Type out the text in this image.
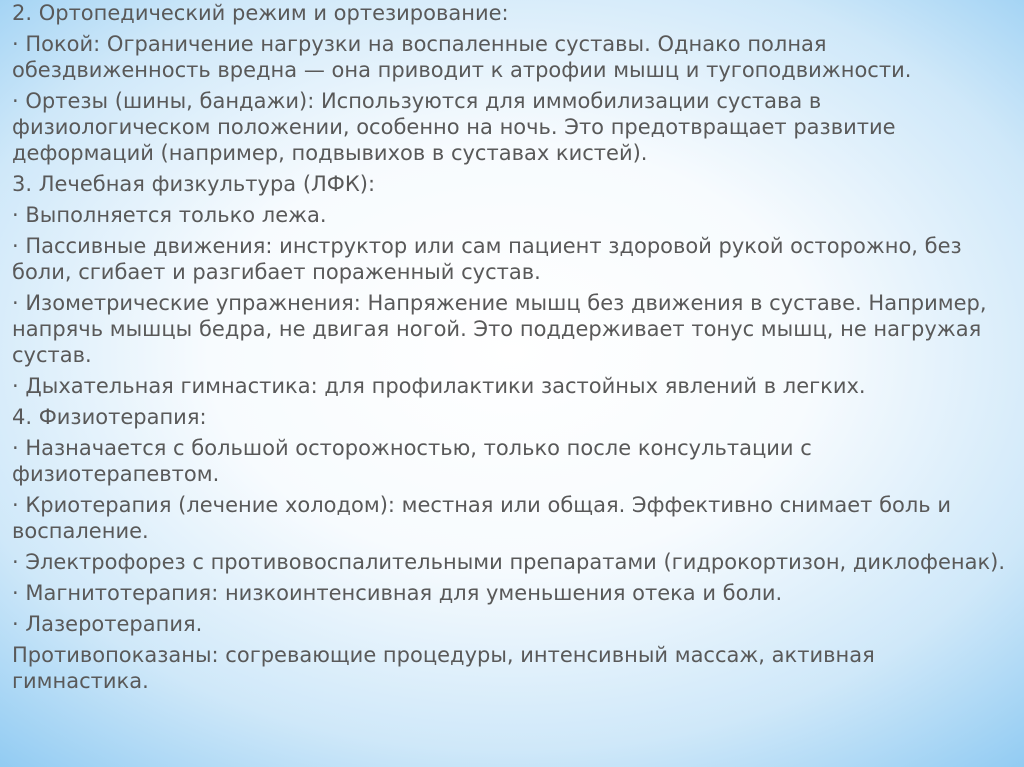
2. Ортопедический режим и ортезирование:

· Покой: Ограничение нагрузки на воспаленные суставы. Однако полная обездвиженность вредна — она приводит к атрофии мышц и тугоподвижности.

· Ортезы (шины, бандажи): Используются для иммобилизации сустава в физиологическом положении, особенно на ночь. Это предотвращает развитие деформаций (например, подвывихов в суставах кистей).

3. Лечебная физкультура (ЛФК):

· Выполняется только лежа.

· Пассивные движения: инструктор или сам пациент здоровой рукой осторожно, без боли, сгибает и разгибает пораженный сустав.

· Изометрические упражнения: Напряжение мышц без движения в суставе. Например, напрячь мышцы бедра, не двигая ногой. Это поддерживает тонус мышц, не нагружая сустав.

· Дыхательная гимнастика: для профилактики застойных явлений в легких.

4. Физиотерапия:

· Назначается с большой осторожностью, только после консультации с физиотерапевтом.

· Криотерапия (лечение холодом): местная или общая. Эффективно снимает боль и воспаление.

· Электрофорез с противовоспалительными препаратами (гидрокортизон, диклофенак).

· Магнитотерапия: низкоинтенсивная для уменьшения отека и боли.

· Лазеротерапия.

Противопоказаны: согревающие процедуры, интенсивный массаж, активная гимнастика.
